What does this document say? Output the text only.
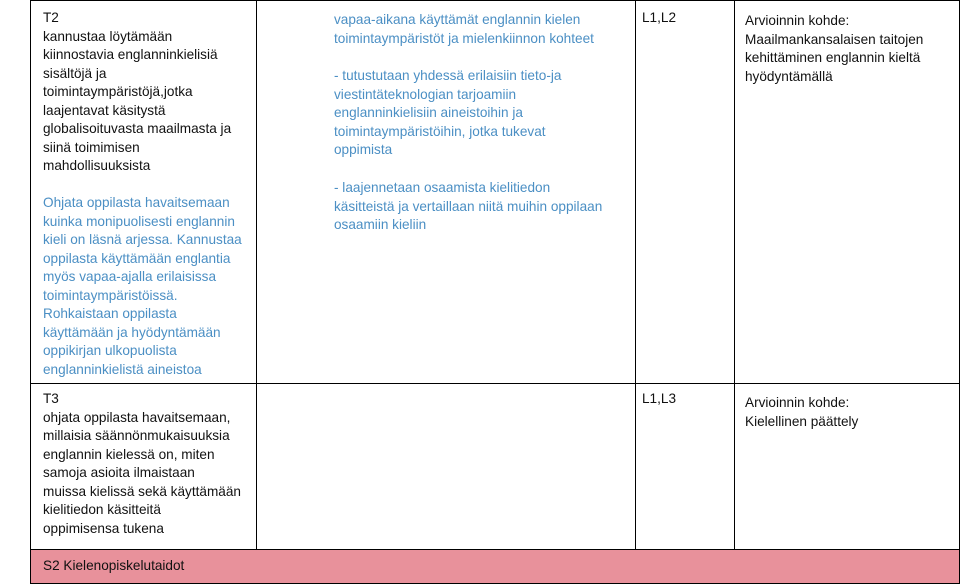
T2
kannustaa löytämään
kiinnostavia englanninkielisiä
sisältöjä ja
toimintaympäristöjä,jotka
laajentavat käsitystä
globalisoituvasta maailmasta ja
siinä toimimisen
mahdollisuuksista
Ohjata oppilasta havaitsemaan
kuinka monipuolisesti englannin
kieli on läsnä arjessa. Kannustaa
oppilasta käyttämään englantia
myös vapaa-ajalla erilaisissa
toimintaympäristöissä.
Rohkaistaan oppilasta
käyttämään ja hyödyntämään
oppikirjan ulkopuolista
englanninkielistä aineistoa
vapaa-aikana käyttämät englannin kielen
toimintaympäristöt ja mielenkiinnon kohteet
- tutustutaan yhdessä erilaisiin tieto-ja
viestintäteknologian tarjoamiin
englanninkielisiin aineistoihin ja
toimintaympäristöihin, jotka tukevat
oppimista
- laajennetaan osaamista kielitiedon
käsitteistä ja vertaillaan niitä muihin oppilaan
osaamiin kieliin
L1,L2	Arvioinnin kohde:
Maailmankansalaisen taitojen
kehittäminen englannin kieltä
hyödyntämällä
T3
ohjata oppilasta havaitsemaan,
millaisia säännönmukaisuuksia
englannin kielessä on, miten
samoja asioita ilmaistaan
muissa kielissä sekä käyttämään
kielitiedon käsitteitä
oppimisensa tukena
L1,L3	Arvioinnin kohde:
Kielellinen päättely
S2 Kielenopiskelutaidot
